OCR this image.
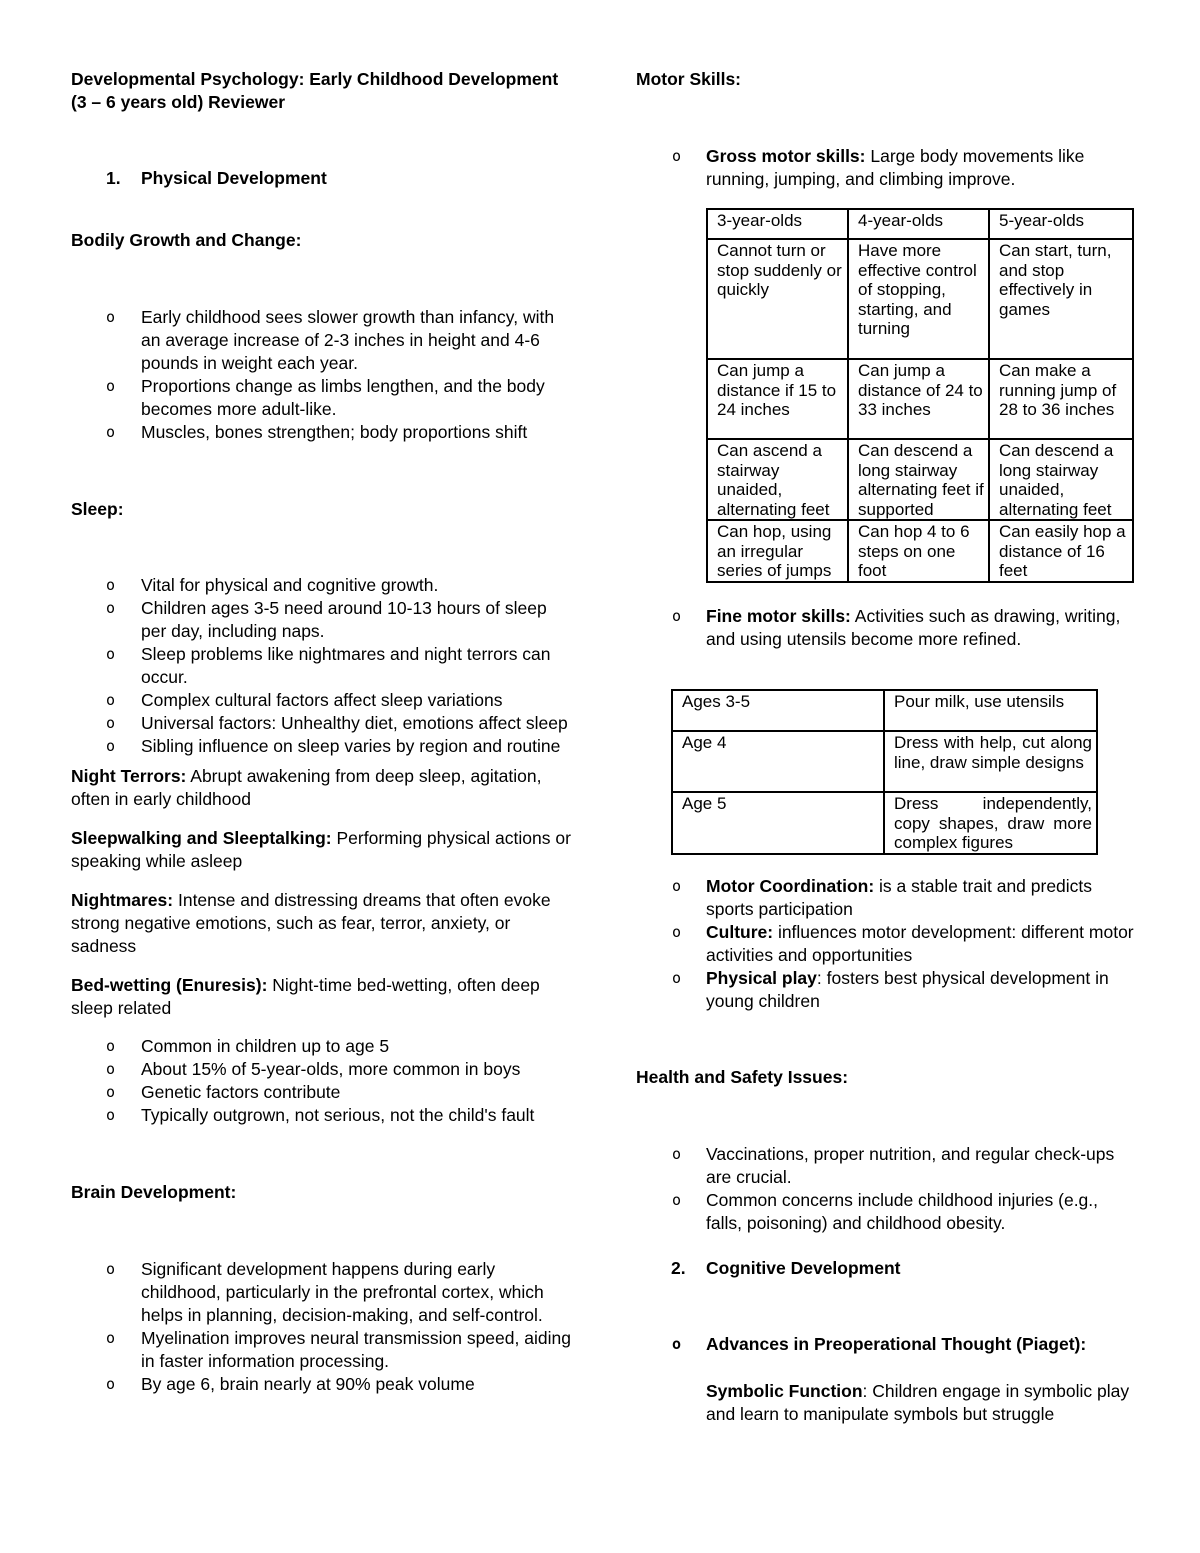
Developmental Psychology: Early Childhood Development
(3 – 6 years old) Reviewer

1. Physical Development

Bodily Growth and Change:

o Early childhood sees slower growth than infancy, with an average increase of 2-3 inches in height and 4-6 pounds in weight each year.
o Proportions change as limbs lengthen, and the body becomes more adult-like.
o Muscles, bones strengthen; body proportions shift

Sleep:

o Vital for physical and cognitive growth.
o Children ages 3-5 need around 10-13 hours of sleep per day, including naps.
o Sleep problems like nightmares and night terrors can occur.
o Complex cultural factors affect sleep variations
o Universal factors: Unhealthy diet, emotions affect sleep
o Sibling influence on sleep varies by region and routine

Night Terrors: Abrupt awakening from deep sleep, agitation, often in early childhood

Sleepwalking and Sleeptalking: Performing physical actions or speaking while asleep

Nightmares: Intense and distressing dreams that often evoke strong negative emotions, such as fear, terror, anxiety, or sadness

Bed-wetting (Enuresis): Night-time bed-wetting, often deep sleep related

o Common in children up to age 5
o About 15% of 5-year-olds, more common in boys
o Genetic factors contribute
o Typically outgrown, not serious, not the child's fault

Brain Development:

o Significant development happens during early childhood, particularly in the prefrontal cortex, which helps in planning, decision-making, and self-control.
o Myelination improves neural transmission speed, aiding in faster information processing.
o By age 6, brain nearly at 90% peak volume

Motor Skills:

o Gross motor skills: Large body movements like running, jumping, and climbing improve.
3-year-olds	4-year-olds	5-year-olds
Cannot turn or stop suddenly or quickly	Have more effective control of stopping, starting, and turning	Can start, turn, and stop effectively in games
Can jump a distance if 15 to 24 inches	Can jump a distance of 24 to 33 inches	Can make a running jump of 28 to 36 inches
Can ascend a stairway unaided, alternating feet	Can descend a long stairway alternating feet if supported	Can descend a long stairway unaided, alternating feet
Can hop, using an irregular series of jumps	Can hop 4 to 6 steps on one foot	Can easily hop a distance of 16 feet
o Fine motor skills: Activities such as drawing, writing, and using utensils become more refined.
Ages 3-5	Pour milk, use utensils
Age 4	Dress with help, cut along line, draw simple designs
Age 5	Dress independently, copy shapes, draw more complex figures
o Motor Coordination: is a stable trait and predicts sports participation
o Culture: influences motor development: different motor activities and opportunities
o Physical play: fosters best physical development in young children

Health and Safety Issues:

o Vaccinations, proper nutrition, and regular check-ups are crucial.
o Common concerns include childhood injuries (e.g., falls, poisoning) and childhood obesity.

2. Cognitive Development

o Advances in Preoperational Thought (Piaget):

Symbolic Function: Children engage in symbolic play and learn to manipulate symbols but struggle
